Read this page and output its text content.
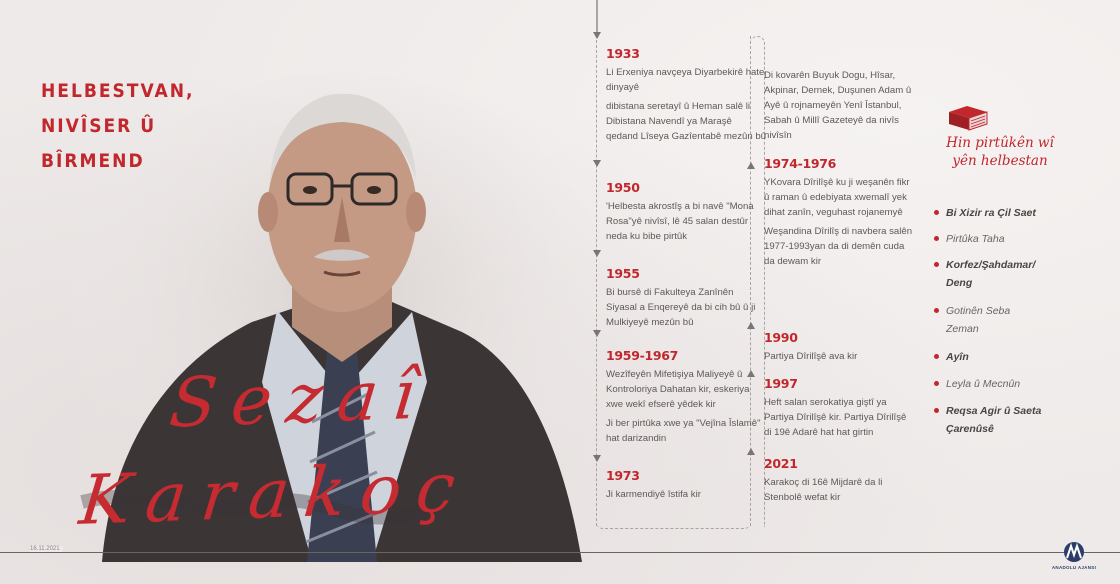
HELBESTVAN,
NIVÎSER Û
BÎRMEND
Sezaî
Karakoç
1933
Li Erxeniya navçeya Diyarbekirê hate dinyayê
dibistana seretayî û Heman salê li Dibistana Navendî ya Maraşê qedand Lîseya Gazîentabê mezûn bû
1950
'Helbesta akrostîş a bi navê "Mona Rosa"yê nivîsî, lê 45 salan destûr neda ku bibe pirtûk
1955
Bi bursê di Fakulteya Zanînên Siyasal a Enqereyê da bi cih bû û ji Mulkiyeyê mezûn bû
1959-1967
Wezîfeyên Mifetişiya Maliyeyê û Kontroloriya Dahatan kir, eskeriya xwe wekî efserê yêdek kir
Ji ber pirtûka xwe ya "Vejîna Îslamê" hat darizandin
1973
Ji karmendiyê îstifa kir
Di kovarên Buyuk Dogu, Hîsar, Akpinar, Dernek, Duşunen Adam û Ayê û rojnameyên Yenî Îstanbul, Sabah û Millî Gazeteyê da nivîs nivîsîn
1974-1976
YKovara Dîrilîşê ku ji weşanên fikr û raman û edebiyata xwemalî yek dihat zanîn, veguhast rojanemyê
Weşandina Dîrilîş di navbera salên 1977-1993yan da di demên cuda da dewam kir
1990
Partiya Dîrilîşê ava kir
1997
Heft salan serokatiya giştî ya Partiya Dîrilîşê kir. Partiya Dîrilîşê di 19ê Adarê hat hat girtin
2021
Karakoç di 16ê Mijdarê da li Stenbolê wefat kir
Hin pirtûkên wî
yên helbestan
Bi Xizir ra Çil Saet
Pirtûka Taha
Korfez/Şahdamar/ Deng
Gotinên Seba Zeman
Ayîn
Leyla û Mecnûn
Reqsa Agir û Saeta Çarenûsê
16.11.2021
ANADOLU AJANSI
